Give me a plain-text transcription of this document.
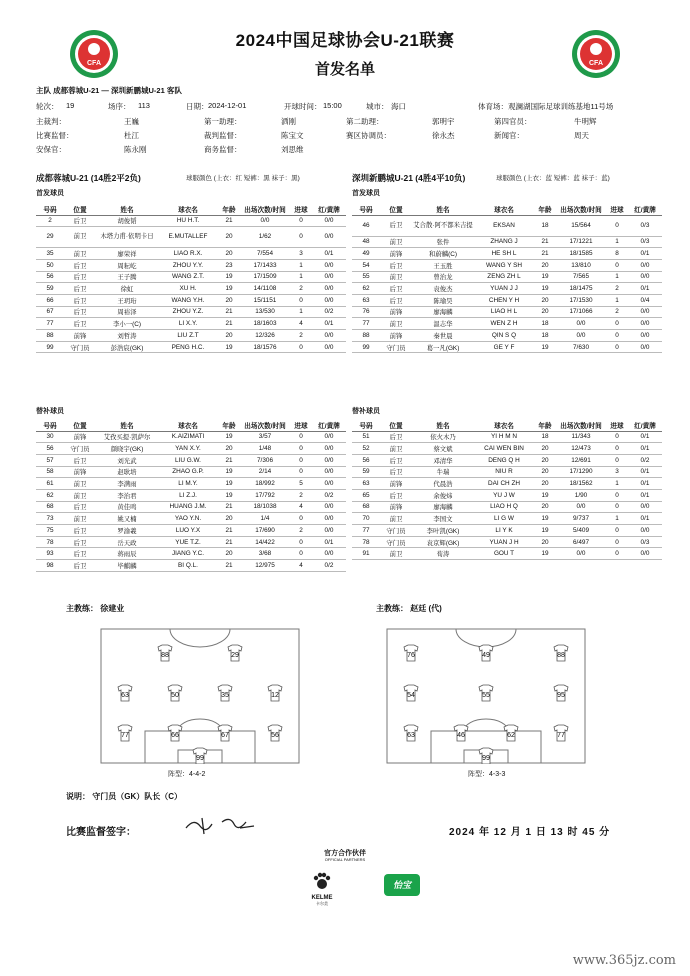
CFA	CFA
2024中国足球协会U-21联赛
首发名单
主队 成都蓉城U-21 — 深圳新鹏城U-21 客队
轮次： 19	场序： 113	日期： 2024-12-01	开球时间： 15:00	城市： 海口	体育场： 观澜湖国际足球训练基地11号场
主裁判：	王巍	第一助理：	洒刚	第二助理：	郭明宇	第四官员：	牛明辉
比赛监督：	杜江	裁判监督：	陈宝文	赛区协调员：	徐永杰	新闻官：	周天
安保官：	陈永刚	商务监督：	刘思维
成都蓉城U-21 (14胜2平2负)	球服颜色 (上衣：红 短裤：黑 袜子：黑)	深圳新鹏城U-21 (4胜4平10负)	球服颜色 (上衣：蓝 短裤：蓝 袜子：蓝)
首发球员	首发球员
号码	位置	姓名	球衣名	年龄	出场次数/时间	进球	红/黄牌
2	后卫	胡俊韬	HU H.T.	21	0/0	0	0/0
29	前卫	木塔力甫·依明卡日	E.MUTALLEF	20	1/62	0	0/0
35	前卫	廖荣祥	LIAO R.X.	20	7/554	3	0/1
50	后卫	周耘屹	ZHOU Y.Y.	23	17/1433	1	0/0
56	后卫	王子腾	WANG Z.T.	19	17/1509	1	0/0
59	后卫	徐虹	XU H.	19	14/1108	2	0/0
66	后卫	王玥珩	WANG Y.H.	20	15/1151	0	0/0
67	后卫	周裕泽	ZHOU Y.Z.	21	13/530	1	0/2
77	后卫	李小一(C)	LI X.Y.	21	18/1603	4	0/1
88	前锋	刘哲涛	LIU Z.T	20	12/326	2	0/0
99	守门员	彭浩宸(GK)	PENG H.C.	19	18/1576	0	0/0
号码	位置	姓名	球衣名	年龄	出场次数/时间	进球	红/黄牌
46	后卫	艾合散·阿不都米吉提	EKSAN	18	15/564	0	0/3
48	前卫	张件	ZHANG J	21	17/1221	1	0/3
49	前锋	和蔚麟(C)	HE SH L	21	18/1585	8	0/1
54	后卫	王玉胜	WANG Y SH	20	13/810	0	0/0
55	前卫	曾治龙	ZENG ZH L	19	7/565	1	0/0
62	后卫	袁俊杰	YUAN J J	19	18/1475	2	0/1
63	后卫	陈瑜昊	CHEN Y H	20	17/1530	1	0/4
76	前锋	廖海麟	LIAO H L	20	17/1066	2	0/0
77	前卫	温志华	WEN Z H	18	0/0	0	0/0
88	前锋	秦世晨	QIN S Q	18	0/0	0	0/0
99	守门员	葛一凡(GK)	GE Y F	19	7/630	0	0/0
替补球员	替补球员
号码	位置	姓名	球衣名	年龄	出场次数/时间	进球	红/黄牌
30	前锋	艾孜买提·凯萨尔	K.AIZIMATI	19	3/57	0	0/0
56	守门员	颜晓宇(GK)	YAN X.Y.	20	1/48	0	0/0
57	后卫	刘光武	LIU G.W.	21	7/306	0	0/0
58	前锋	赵耿培	ZHAO G.P.	19	2/14	0	0/0
61	前卫	李满雨	LI M.Y.	19	18/992	5	0/0
62	前卫	李治君	LI Z.J.	19	17/792	2	0/2
68	后卫	黄佳鸣	HUANG J.M.	21	18/1038	4	0/0
73	前卫	姚又楠	YAO Y.N.	20	1/4	0	0/0
75	后卫	罗渝羲	LUO Y.X	21	17/690	2	0/0
78	后卫	岳天政	YUE T.Z.	21	14/422	0	0/1
93	后卫	蒋雨辰	JIANG Y.C.	20	3/68	0	0/0
98	后卫	毕麒麟	BI Q.L.	21	12/975	4	0/2
号码	位置	姓名	球衣名	年龄	出场次数/时间	进球	红/黄牌
51	后卫	依火木乃	YI H M N	18	11/343	0	0/1
52	前卫	蔡文斌	CAI WEN BIN	20	12/473	0	0/1
56	后卫	邓清华	DENG Q H	20	12/691	0	0/2
59	后卫	牛瑞	NIU R	20	17/1290	3	0/1
63	前锋	代晨浩	DAI CH ZH	20	18/1562	1	0/1
65	后卫	余俊炜	YU J W	19	1/90	0	0/1
68	前锋	廖海麟	LIAO H Q	20	0/0	0	0/0
70	前卫	李国文	LI G W	19	9/737	1	0/1
77	守门员	李叶凯(GK)	LI Y K	19	5/409	0	0/0
78	守门员	袁京辉(GK)	YUAN J H	20	6/497	0	0/3
91	前卫	荀涛	GOU T	19	0/0	0	0/0
主教练： 徐建业	主教练： 赵廷 (代)
88	29
63	50	35	12
77	66	67	56
99
76	49	88
54	55	95
63	46	62	77
99
阵型：4-4-2	阵型：4-3-3
说明： 守门员（GK）队长（C）
比赛监督签字：	2024 年 12 月 1 日 13 时 45 分
官方合作伙伴
OFFICIAL PARTNERS
KELME
卡尔美
怡宝
www.365jz.com
